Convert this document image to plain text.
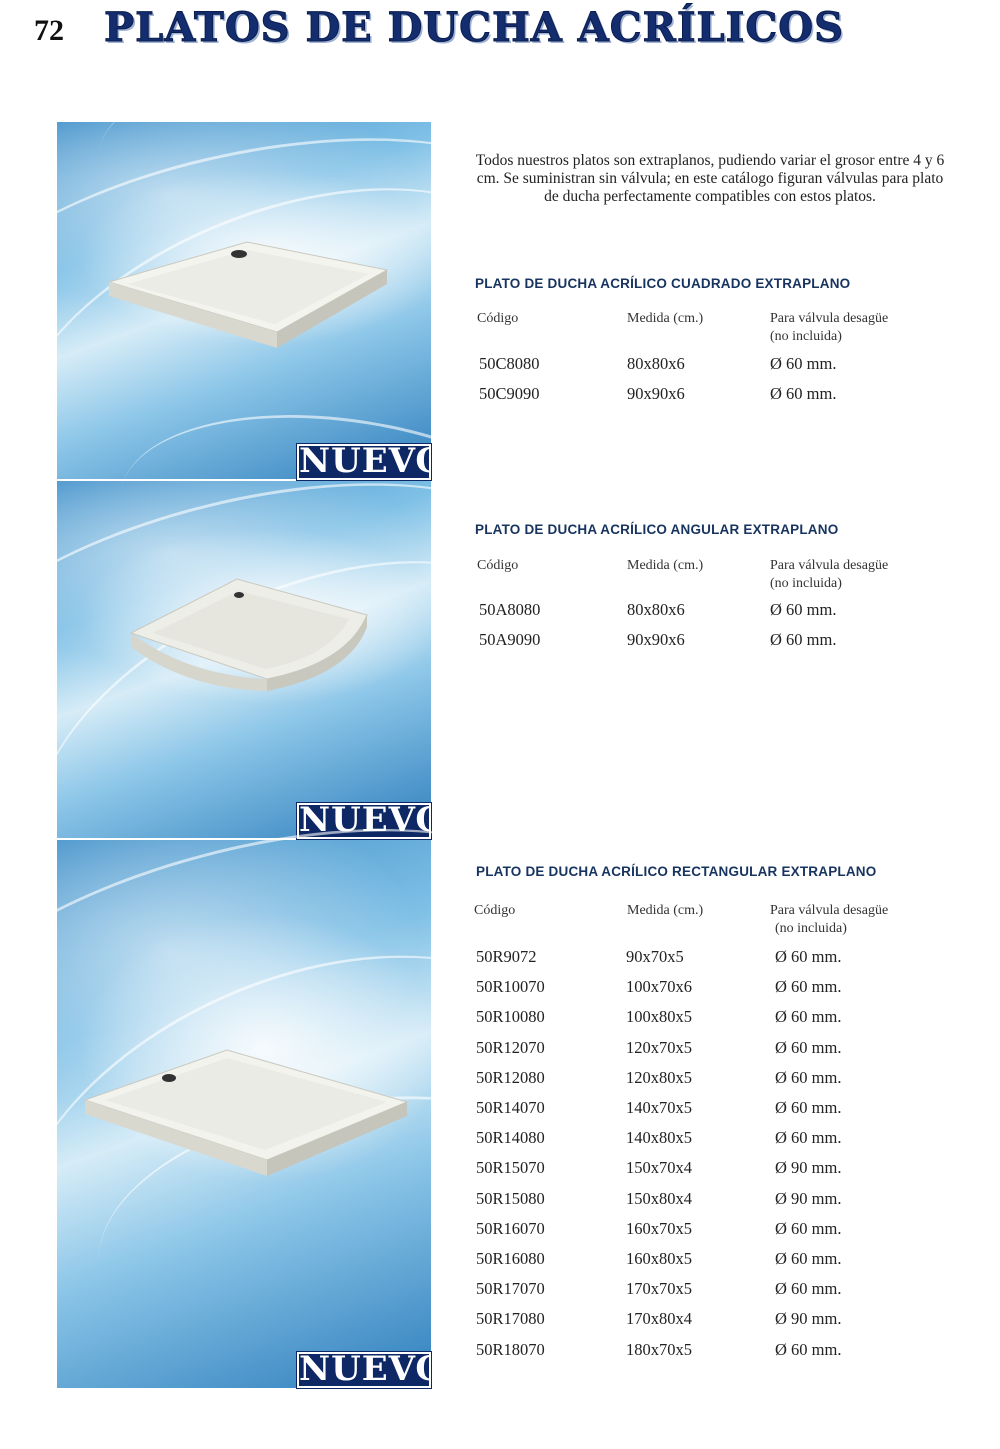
72 PLATOS DE DUCHA ACRÍLICOS
NUEVO
NUEVO
NUEVO

Todos nuestros platos son extraplanos, pudiendo variar el grosor entre 4 y 6 cm. Se suministran sin válvula; en este catálogo figuran válvulas para plato de ducha perfectamente compatibles con estos platos.

PLATO DE DUCHA ACRÍLICO CUADRADO EXTRAPLANO
Código	Medida (cm.)	Para válvula desagüe
(no incluida)
50C8080	80x80x6	Ø 60 mm.
50C9090	90x90x6	Ø 60 mm.
PLATO DE DUCHA ACRÍLICO ANGULAR EXTRAPLANO
Código	Medida (cm.)	Para válvula desagüe
(no incluida)
50A8080	80x80x6	Ø 60 mm.
50A9090	90x90x6	Ø 60 mm.
PLATO DE DUCHA ACRÍLICO RECTANGULAR EXTRAPLANO
Código	Medida (cm.)	Para válvula desagüe
(no incluida)
50R9072	90x70x5	Ø 60 mm.
50R10070	100x70x6	Ø 60 mm.
50R10080	100x80x5	Ø 60 mm.
50R12070	120x70x5	Ø 60 mm.
50R12080	120x80x5	Ø 60 mm.
50R14070	140x70x5	Ø 60 mm.
50R14080	140x80x5	Ø 60 mm.
50R15070	150x70x4	Ø 90 mm.
50R15080	150x80x4	Ø 90 mm.
50R16070	160x70x5	Ø 60 mm.
50R16080	160x80x5	Ø 60 mm.
50R17070	170x70x5	Ø 60 mm.
50R17080	170x80x4	Ø 90 mm.
50R18070	180x70x5	Ø 60 mm.
